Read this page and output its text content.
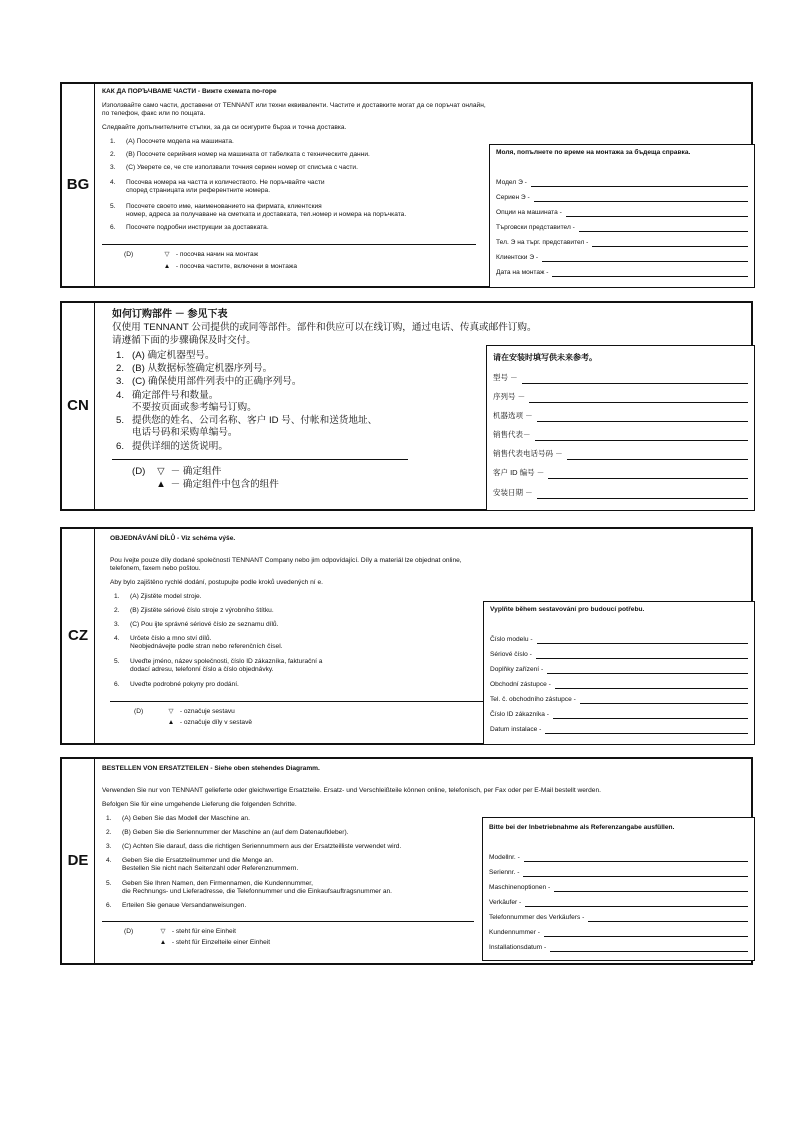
BG
КАК ДА ПОРЪЧВАМЕ ЧАСТИ - Вижте схемата по-горе
Използвайте само части, доставени от TENNANT или техни еквиваленти. Частите и доставките могат да се поръчат онлайн,
по телефон, факс или по пощата.
Следвайте допълнителните стъпки, за да си осигурите бърза и точна доставка.
1. (A) Посочете модела на машината.
2. (B) Посочете серийния номер на машината от табелката с техническите данни.
3. (C) Уверете се, че сте използвали точния сериен номер от списъка с части.
4. Посочва номера на частта и количеството. Не поръчвайте части
според страницата или референтните номера.
5. Посочете своето име, наименованието на фирмата, клиентския
номер, адреса за получаване на сметката и доставката, тел.номер и номера на поръчката.
6. Посочете подробни инструкции за доставката.
(D)	▽ - посочва начин на монтаж
▲ - посочва частите, включени в монтажа
Моля, попълнете по време на монтажа за бъдеща справка.
Модел Э -
Сериен Э -
Опции на машината -
Търговски представител -
Тел. Э на търг. представител -
Клиентски Э -
Дата на монтаж -
CN
如何订购部件 － 参见下表
仅使用 TENNANT 公司提供的或同等部件。部件和供应可以在线订购，通过电话、传真或邮件订购。
请遵循下面的步骤确保及时交付。
1. (A) 确定机器型号。
2. (B) 从数据标签确定机器序列号。
3. (C) 确保使用部件列表中的正确序列号。
4. 确定部件号和数量。
不要按页面或参考编号订购。
5. 提供您的姓名、公司名称、客户 ID 号、付帐和送货地址、
电话号码和采购单编号。
6. 提供详细的送货说明。
(D)	▽ － 确定组件
▲ － 确定组件中包含的组件
请在安装时填写供未来参考。
型号 －
序列号 －
机器选项 －
销售代表－
销售代表电话号码 －
客户 ID 编号 －
安装日期 －
CZ
OBJEDNÁVÁNÍ DÍLŮ - Viz schéma výše.
Pou ívejte pouze díly dodané společností TENNANT Company nebo jim odpovídající. Díly a materiál lze objednat online,
telefonem, faxem nebo poštou.
Aby bylo zajištěno rychlé dodání, postupujte podle kroků uvedených ní e.
1. (A) Zjistěte model stroje.
2. (B) Zjistěte sériové číslo stroje z výrobního štítku.
3. (C) Pou ijte správné sériové číslo ze seznamu dílů.
4. Určete číslo a mno ství dílů.
Neobjednávejte podle stran nebo referenčních čísel.
5. Uveďte jméno, název společnosti, číslo ID zákazníka, fakturační a
dodací adresu, telefonní číslo a číslo objednávky.
6. Uveďte podrobné pokyny pro dodání.
(D)	▽ - označuje sestavu
▲ - označuje díly v sestavě
Vyplňte během sestavování pro budoucí potřebu.
Číslo modelu -
Sériové číslo -
Doplňky zařízení -
Obchodní zástupce -
Tel. č. obchodního zástupce -
Číslo ID zákazníka -
Datum instalace -
DE
BESTELLEN VON ERSATZTEILEN - Siehe oben stehendes Diagramm.
Verwenden Sie nur von TENNANT gelieferte oder gleichwertige Ersatzteile. Ersatz- und Verschleißteile können online, telefonisch, per Fax oder per E-Mail bestellt werden.
Befolgen Sie für eine umgehende Lieferung die folgenden Schritte.
1. (A) Geben Sie das Modell der Maschine an.
2. (B) Geben Sie die Seriennummer der Maschine an (auf dem Datenaufkleber).
3. (C) Achten Sie darauf, dass die richtigen Seriennummern aus der Ersatzteilliste verwendet wird.
4. Geben Sie die Ersatzteilnummer und die Menge an.
Bestellen Sie nicht nach Seitenzahl oder Referenznummern.
5. Geben Sie Ihren Namen, den Firmennamen, die Kundennummer,
die Rechnungs- und Lieferadresse, die Telefonnummer und die Einkaufsauftragsnummer an.
6. Erteilen Sie genaue Versandanweisungen.
(D)	▽ - steht für eine Einheit
▲ - steht für Einzelteile einer Einheit
Bitte bei der Inbetriebnahme als Referenzangabe ausfüllen.
Modellnr. -
Seriennr. -
Maschinenoptionen -
Verkäufer -
Telefonnummer des Verkäufers -
Kundennummer -
Installationsdatum -
